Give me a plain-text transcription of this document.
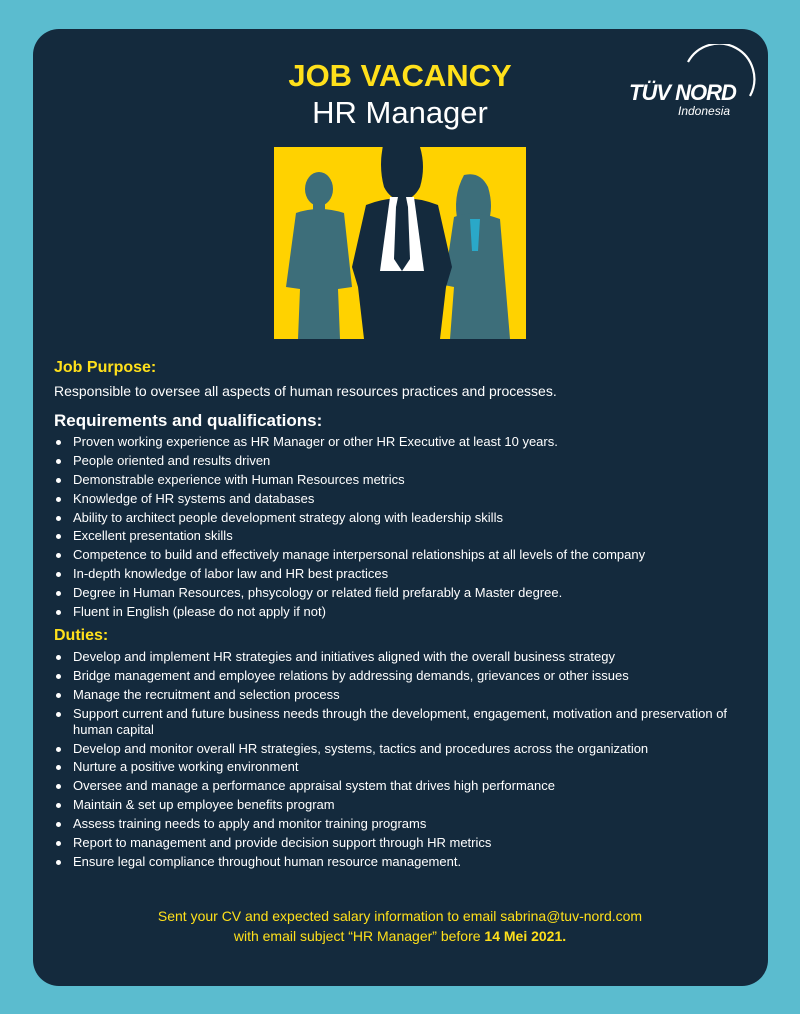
JOB VACANCY
HR Manager
TÜV NORD
Indonesia
Job Purpose:

Responsible to oversee all aspects of human resources practices and processes.

Requirements and qualifications:
Proven working experience as HR Manager or other HR Executive at least 10 years.
People oriented and results driven
Demonstrable experience with Human Resources metrics
Knowledge of HR systems and databases
Ability to architect people development strategy along with leadership skills
Excellent presentation skills
Competence to build and effectively manage interpersonal relationships at all levels of the company
In-depth knowledge of labor law and HR best practices
Degree in Human Resources, phsycology or related field prefarably a Master degree.
Fluent in English (please do not apply if not)
Duties:
Develop and implement HR strategies and initiatives aligned with the overall business strategy
Bridge management and employee relations by addressing demands, grievances or other issues
Manage the recruitment and selection process
Support current and future business needs through the development, engagement, motivation and preservation of human capital
Develop and monitor overall HR strategies, systems, tactics and procedures across the organization
Nurture a positive working environment
Oversee and manage a performance appraisal system that drives high performance
Maintain & set up employee benefits program
Assess training needs to apply and monitor training programs
Report to management and provide decision support through HR metrics
Ensure legal compliance throughout human resource management.
Sent your CV and expected salary information to email sabrina@tuv-nord.com
with email subject “HR Manager” before 14 Mei 2021.
